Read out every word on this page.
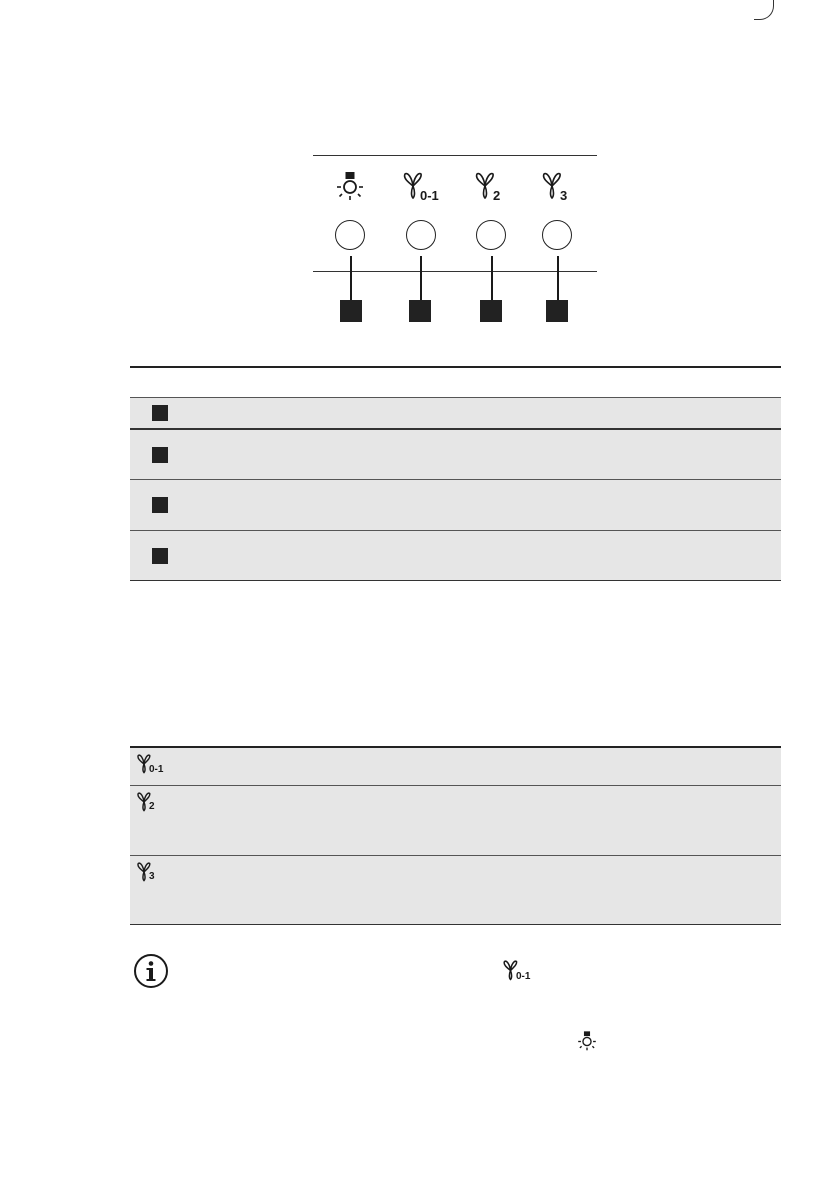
0-1	2	3
0-1
2
3
0-1
